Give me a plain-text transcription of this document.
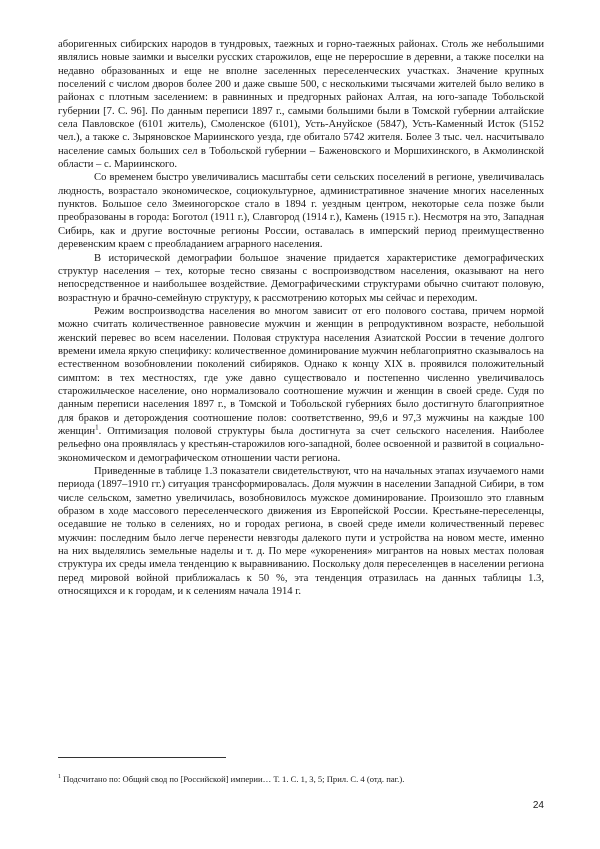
аборигенных сибирских народов в тундровых, таежных и горно-таежных районах. Столь же небольшими являлись новые заимки и выселки русских старожилов, еще не переросшие в деревни, а также поселки на недавно образованных и еще не вполне заселенных переселенческих участках. Значение крупных поселений с числом дворов более 200 и даже свыше 500, с несколькими тысячами жителей было велико в районах с плотным заселением: в равнинных и предгорных районах Алтая, на юго-западе Тобольской губернии [7. С. 96]. По данным переписи 1897 г., самыми большими были в Томской губернии алтайские села Павловское (6101 житель), Смоленское (6101), Усть-Ануйское (5847), Усть-Каменный Исток (5152 чел.), а также с. Зыряновское Мариинского уезда, где обитало 5742 жителя. Более 3 тыс. чел. насчитывало население самых больших сел в Тобольской губернии – Баженовского и Моршихинского, в Акмолинской области – с. Мариинского.

Со временем быстро увеличивались масштабы сети сельских поселений в регионе, увеличивалась людность, возрастало экономическое, социокультурное, административное значение многих населенных пунктов. Большое село Змеиногорское стало в 1894 г. уездным центром, некоторые села позже были преобразованы в города: Боготол (1911 г.), Славгород (1914 г.), Камень (1915 г.). Несмотря на это, Западная Сибирь, как и другие восточные регионы России, оставалась в имперский период преимущественно деревенским краем с преобладанием аграрного населения.

В исторической демографии большое значение придается характеристике демографических структур населения – тех, которые тесно связаны с воспроизводством населения, оказывают на него непосредственное и наибольшее воздействие. Демографическими структурами обычно считают половую, возрастную и брачно-семейную структуру, к рассмотрению которых мы сейчас и переходим.

Режим воспроизводства населения во многом зависит от его полового состава, причем нормой можно считать количественное равновесие мужчин и женщин в репродуктивном возрасте, небольшой женский перевес во всем населении. Половая структура населения Азиатской России в течение долгого времени имела яркую специфику: количественное доминирование мужчин неблагоприятно сказывалось на естественном возобновлении поколений сибиряков. Однако к концу XIX в. проявился положительный симптом: в тех местностях, где уже давно существовало и постепенно численно увеличивалось старожильческое население, оно нормализовало соотношение мужчин и женщин в своей среде. Судя по данным переписи населения 1897 г., в Томской и Тобольской губерниях было достигнуто благоприятное для браков и деторождения соотношение полов: соответственно, 99,6 и 97,3 мужчины на каждые 100 женщин$^1$. Оптимизация половой структуры была достигнута за счет сельского населения. Наиболее рельефно она проявлялась у крестьян-старожилов юго-западной, более освоенной и развитой в социально-экономическом и демографическом отношении части региона.

Приведенные в таблице 1.3 показатели свидетельствуют, что на начальных этапах изучаемого нами периода (1897–1910 гг.) ситуация трансформировалась. Доля мужчин в населении Западной Сибири, в том числе сельском, заметно увеличилась, возобновилось мужское доминирование. Произошло это главным образом в ходе массового переселенческого движения из Европейской России. Крестьяне-переселенцы, оседавшие не только в селениях, но и городах региона, в своей среде имели количественный перевес мужчин: последним было легче перенести невзгоды далекого пути и устройства на новом месте, именно на них выделялись земельные наделы и т. д. По мере «укоренения» мигрантов на новых местах половая структура их среды имела тенденцию к выравниванию. Поскольку доля переселенцев в населении региона перед мировой войной приближалась к 50 %, эта тенденция отразилась на данных таблицы 1.3, относящихся и к городам, и к селениям начала 1914 г.

$^1$ Подсчитано по: Общий свод по [Российской] империи… Т. 1. С. 1, 3, 5; Прил. С. 4 (отд. паг.).
24
